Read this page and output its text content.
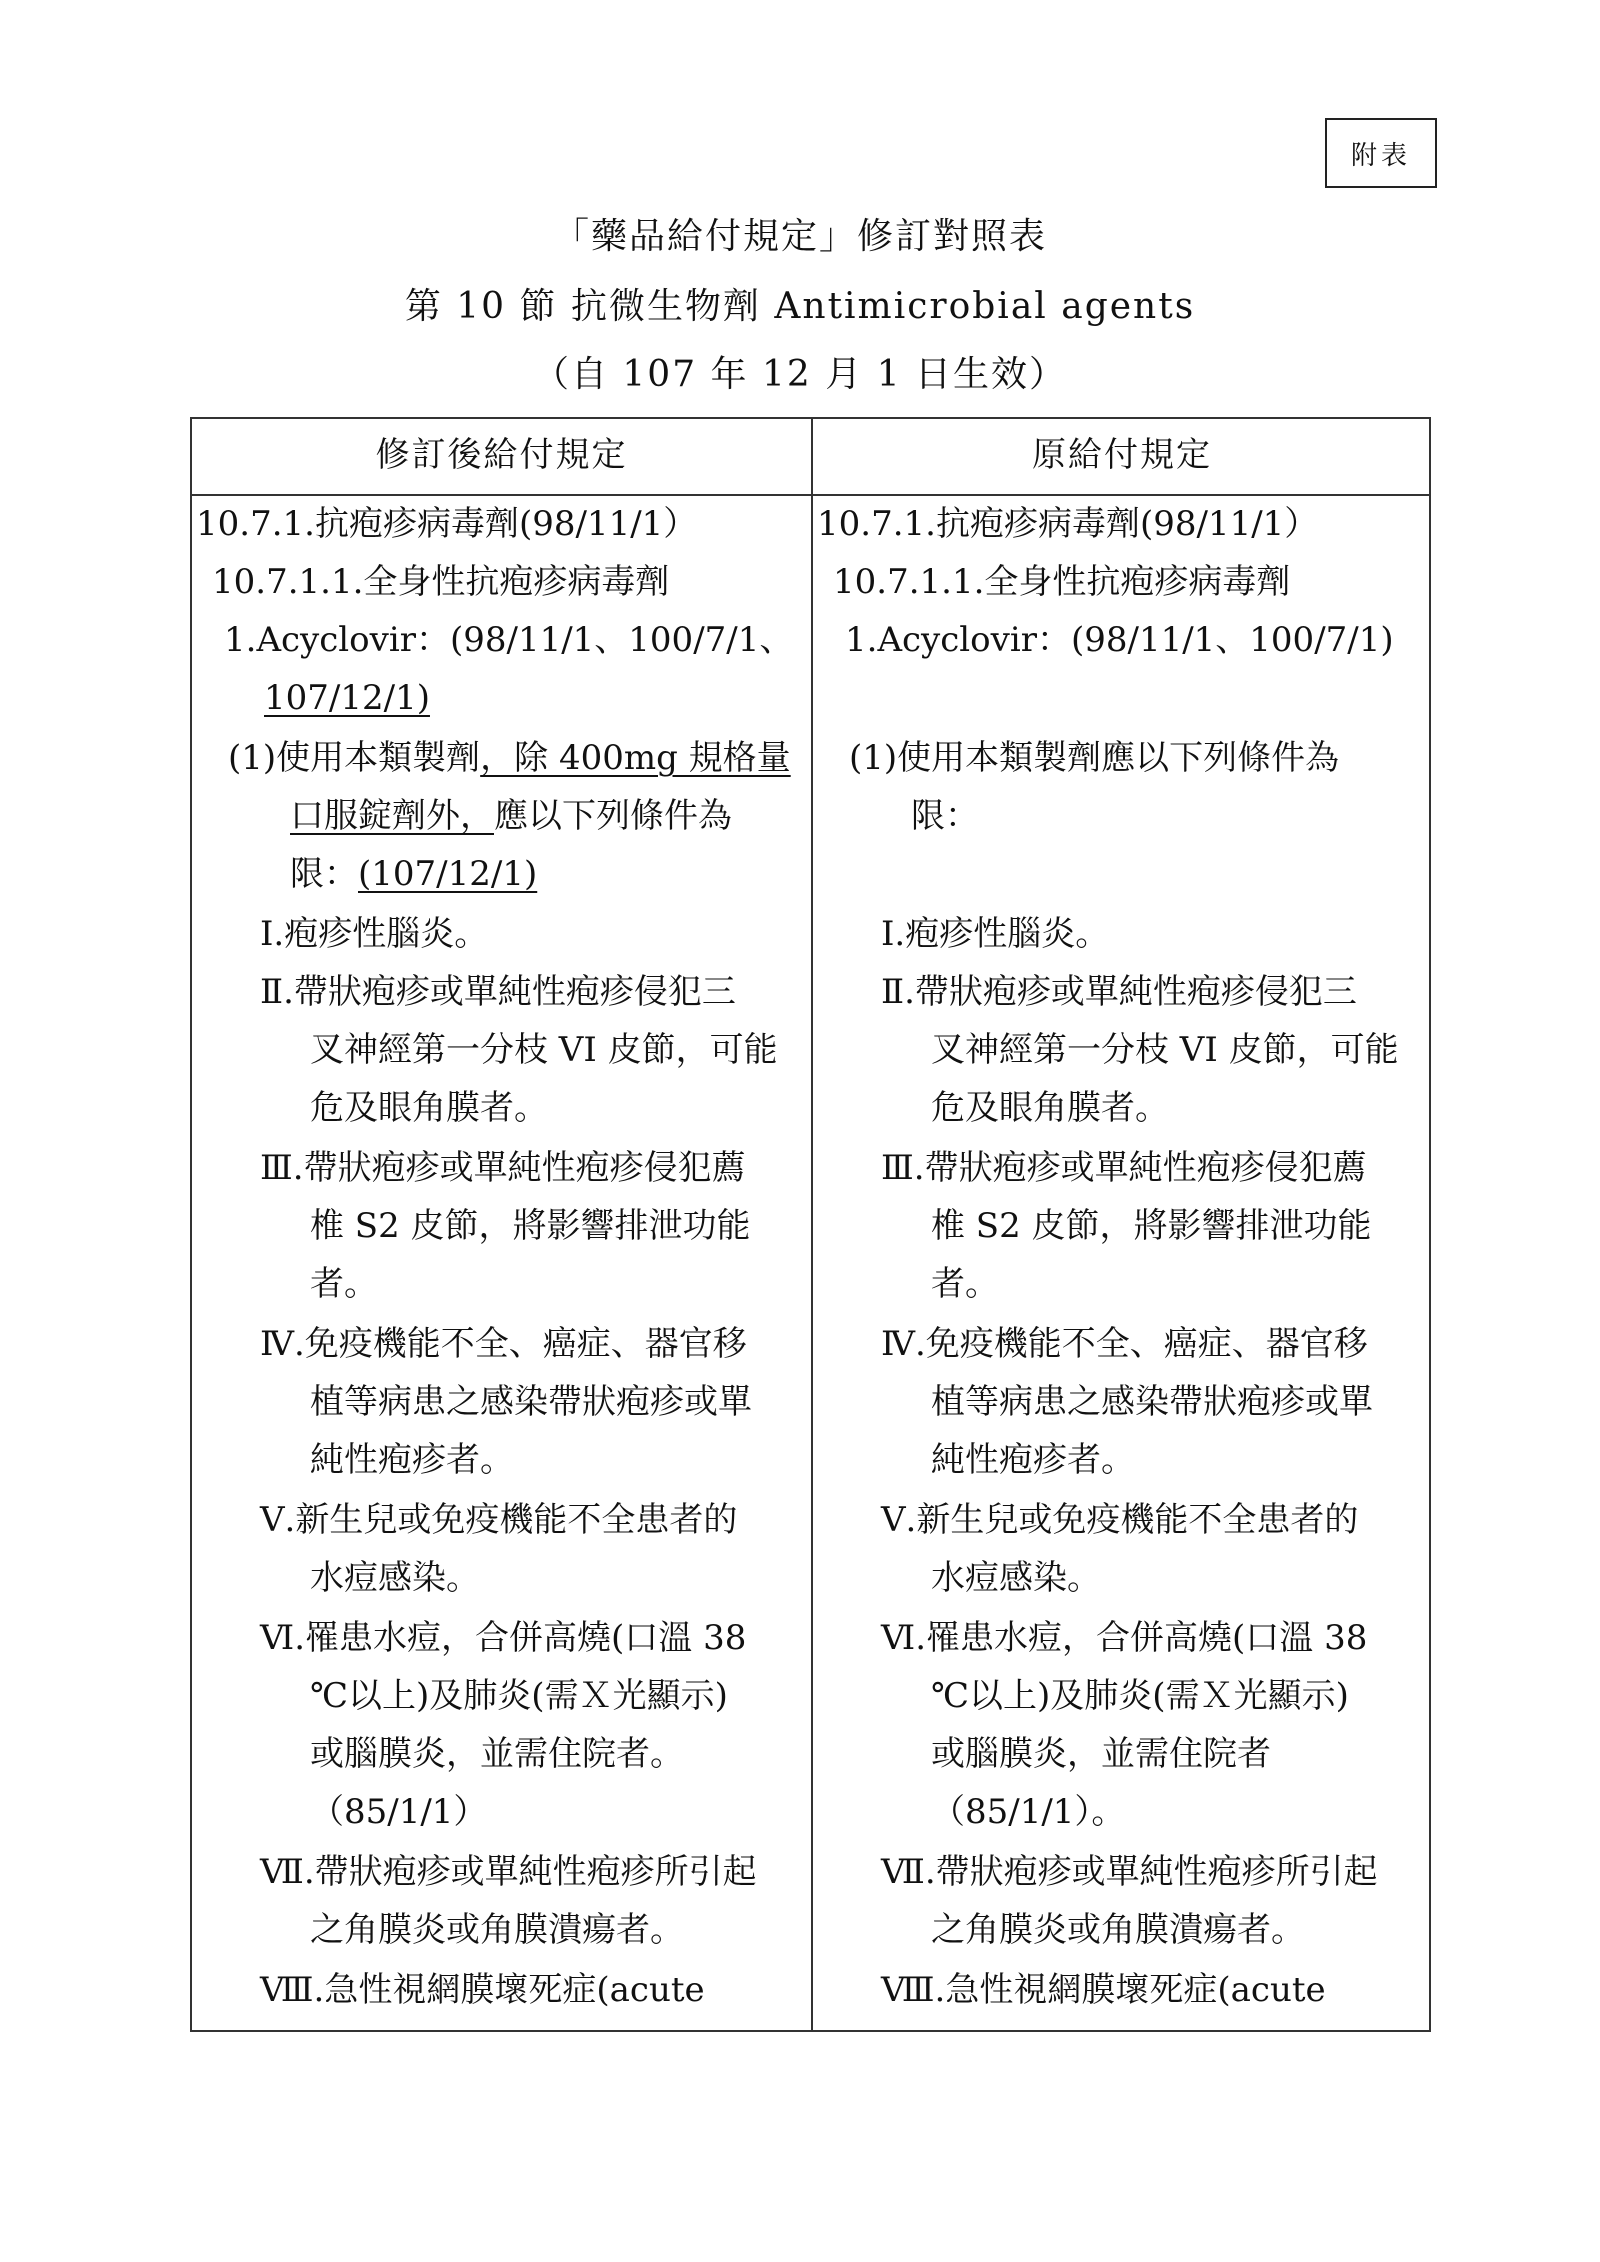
附表
「藥品給付規定」修訂對照表
第 10 節 抗微生物劑 Antimicrobial agents
（自 107 年 12 月 1 日生效）
修訂後給付規定	原給付規定
10.7.1.抗疱疹病毒劑(98/11/1）
10.7.1.1.全身性抗疱疹病毒劑
1.Acyclovir：(98/11/1、100/7/1、
107/12/1)
(1)使用本類製劑，除 400mg 規格量
口服錠劑外，應以下列條件為
限：(107/12/1)
Ⅰ.疱疹性腦炎。
Ⅱ.帶狀疱疹或單純性疱疹侵犯三
叉神經第一分枝 VI 皮節，可能
危及眼角膜者。
Ⅲ.帶狀疱疹或單純性疱疹侵犯薦
椎 S2 皮節，將影響排泄功能
者。
Ⅳ.免疫機能不全、癌症、器官移
植等病患之感染帶狀疱疹或單
純性疱疹者。
Ⅴ.新生兒或免疫機能不全患者的
水痘感染。
Ⅵ.罹患水痘，合併高燒(口溫 38
℃以上)及肺炎(需Ｘ光顯示)
或腦膜炎，並需住院者。
（85/1/1）
Ⅶ.帶狀疱疹或單純性疱疹所引起
之角膜炎或角膜潰瘍者。
Ⅷ.急性視網膜壞死症(acute
10.7.1.抗疱疹病毒劑(98/11/1）
10.7.1.1.全身性抗疱疹病毒劑
1.Acyclovir：(98/11/1、100/7/1)
(1)使用本類製劑應以下列條件為
限：
Ⅰ.疱疹性腦炎。
Ⅱ.帶狀疱疹或單純性疱疹侵犯三
叉神經第一分枝 VI 皮節，可能
危及眼角膜者。
Ⅲ.帶狀疱疹或單純性疱疹侵犯薦
椎 S2 皮節，將影響排泄功能
者。
Ⅳ.免疫機能不全、癌症、器官移
植等病患之感染帶狀疱疹或單
純性疱疹者。
Ⅴ.新生兒或免疫機能不全患者的
水痘感染。
Ⅵ.罹患水痘，合併高燒(口溫 38
℃以上)及肺炎(需Ｘ光顯示)
或腦膜炎，並需住院者
（85/1/1）。
Ⅶ.帶狀疱疹或單純性疱疹所引起
之角膜炎或角膜潰瘍者。
Ⅷ.急性視網膜壞死症(acute
